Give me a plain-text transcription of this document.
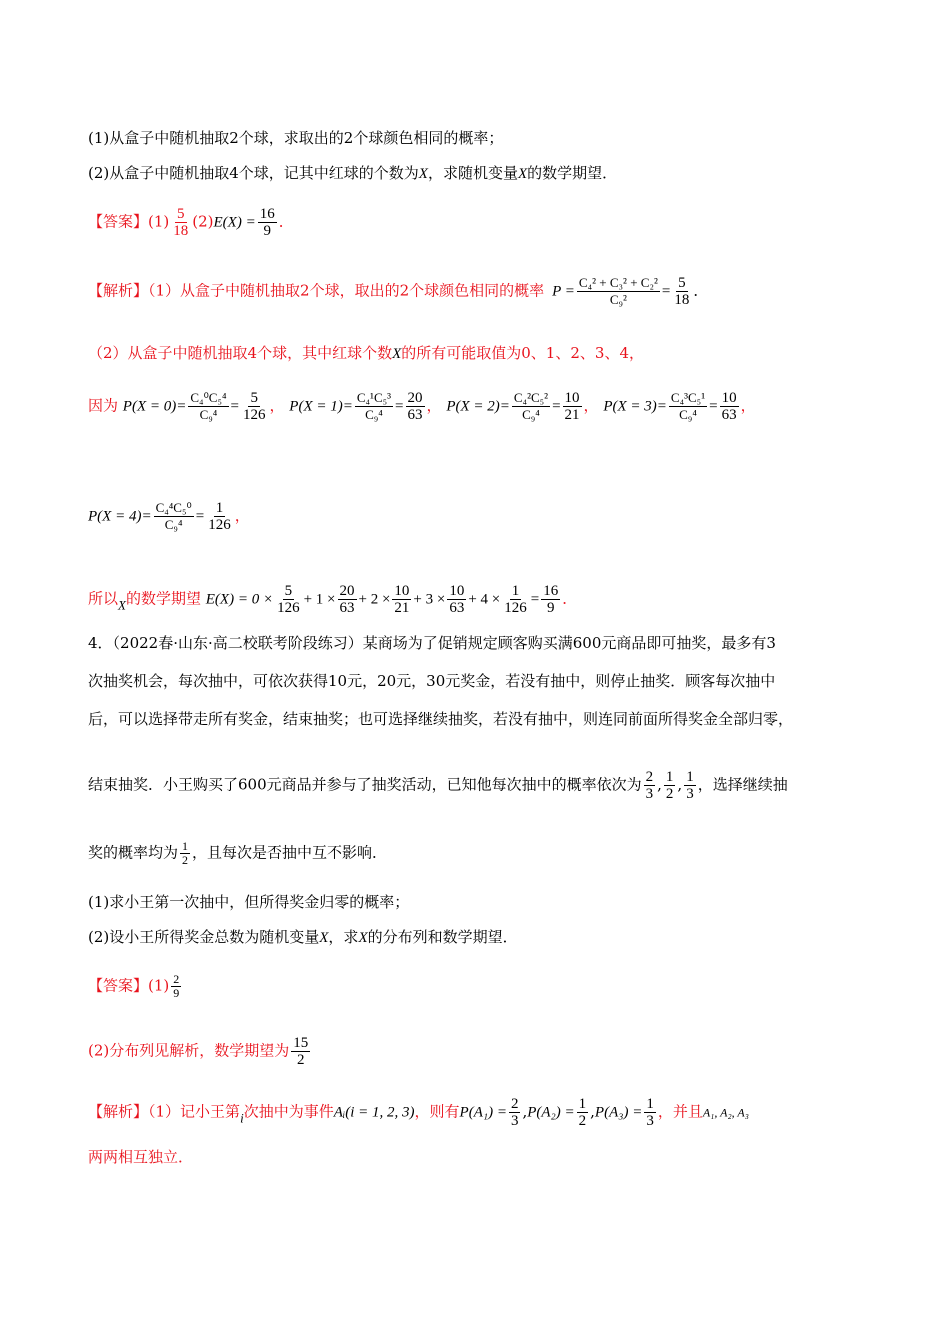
(1)从盒子中随机抽取2个球，求取出的2个球颜色相同的概率；
(2)从盒子中随机抽取4个球，记其中红球的个数为X，求随机变量X的数学期望．
【答案】$(1) \frac{5}{18} (2)E(X) = \frac{16}{9}$ ．
【解析】（1）从盒子中随机抽取2个球，取出的2个球颜色相同的概率 $P = \frac{\text{C₄² + C₃² + C₂²}}{\text{C₉²}} = \frac{5}{18}$ ．
（2）从盒子中随机抽取4个球，其中红球个数X的所有可能取值为0、1、2、3、4，
因为 $P(X = 0)= \frac{\text{C₄⁰C₅⁴}}{\text{C₉⁴}} = \frac{5}{126}$ ， $P(X = 1)= \frac{\text{C₄¹C₅³}}{\text{C₉⁴}} = \frac{20}{63}$ ， $P(X = 2)= \frac{\text{C₄²C₅²}}{\text{C₉⁴}} = \frac{10}{21}$ ， $P(X = 3)= \frac{\text{C₄³C₅¹}}{\text{C₉⁴}} = \frac{10}{63}$ ，
$P(X = 4)= \frac{\text{C₄⁴C₅⁰}}{\text{C₉⁴}} = \frac{1}{126}$ ，
所以X的数学期望 $E(X) = 0 \times \frac{5}{126} + 1 \times \frac{20}{63} + 2 \times \frac{10}{21} + 3 \times \frac{10}{63} + 4 \times \frac{1}{126} = \frac{16}{9}$ ．
4．（2022春·山东·高二校联考阶段练习）某商场为了促销规定顾客购买满600元商品即可抽奖，最多有3
次抽奖机会，每次抽中，可依次获得10元，20元，30元奖金，若没有抽中，则停止抽奖．顾客每次抽中
后，可以选择带走所有奖金，结束抽奖；也可选择继续抽奖，若没有抽中，则连同前面所得奖金全部归零，
结束抽奖．小王购买了600元商品并参与了抽奖活动，已知他每次抽中的概率依次为 $\frac{2}{3}$ , $\frac{1}{2}$ , $\frac{1}{3}$ ，选择继续抽
奖的概率均为 $\frac{1}{2}$ ，且每次是否抽中互不影响．
(1)求小王第一次抽中，但所得奖金归零的概率；
(2)设小王所得奖金总数为随机变量X，求X的分布列和数学期望．
【答案】$(1) \frac{2}{9}$
(2)分布列见解析，数学期望为 $\frac{15}{2}$
【解析】（1）记小王第i次抽中为事件Aᵢ(i = 1, 2, 3)，则有$P(A_1) = \frac{2}{3} ,P(A_2) = \frac{1}{2} ,P(A_3) = \frac{1}{3}$ ，并且A₁, A₂, A₃
两两相互独立．
